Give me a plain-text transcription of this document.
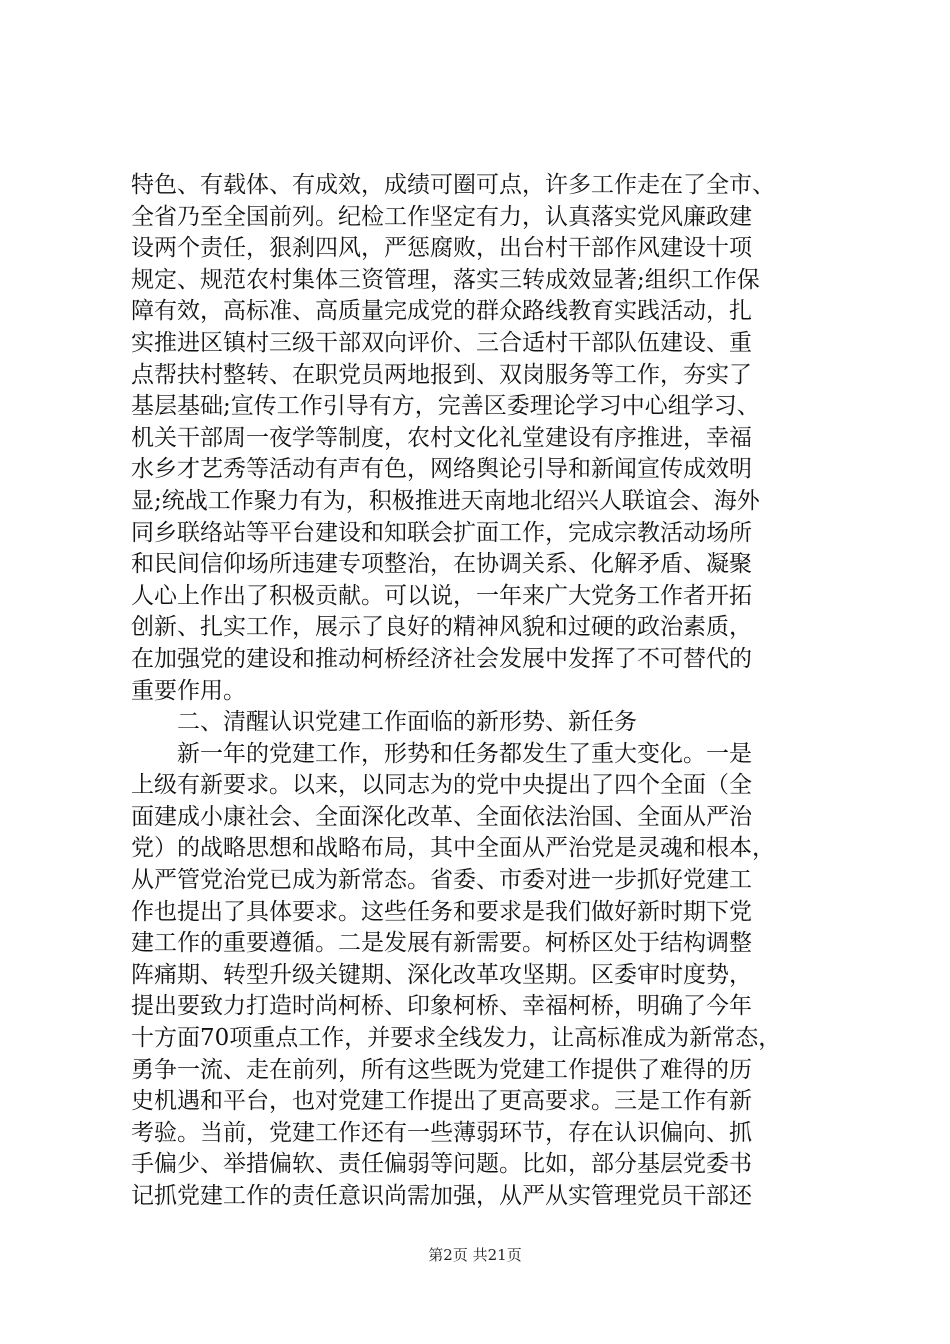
特色、有载体、有成效，成绩可圈可点，许多工作走在了全市、
全省乃至全国前列。纪检工作坚定有力，认真落实党风廉政建
设两个责任，狠刹四风，严惩腐败，出台村干部作风建设十项
规定、规范农村集体三资管理，落实三转成效显著;组织工作保
障有效，高标准、高质量完成党的群众路线教育实践活动，扎
实推进区镇村三级干部双向评价、三合适村干部队伍建设、重
点帮扶村整转、在职党员两地报到、双岗服务等工作，夯实了
基层基础;宣传工作引导有方，完善区委理论学习中心组学习、
机关干部周一夜学等制度，农村文化礼堂建设有序推进，幸福
水乡才艺秀等活动有声有色，网络舆论引导和新闻宣传成效明
显;统战工作聚力有为，积极推进天南地北绍兴人联谊会、海外
同乡联络站等平台建设和知联会扩面工作，完成宗教活动场所
和民间信仰场所违建专项整治，在协调关系、化解矛盾、凝聚
人心上作出了积极贡献。可以说，一年来广大党务工作者开拓
创新、扎实工作，展示了良好的精神风貌和过硬的政治素质，
在加强党的建设和推动柯桥经济社会发展中发挥了不可替代的
重要作用。
二、清醒认识党建工作面临的新形势、新任务
新一年的党建工作，形势和任务都发生了重大变化。一是
上级有新要求。以来，以同志为的党中央提出了四个全面（全
面建成小康社会、全面深化改革、全面依法治国、全面从严治
党）的战略思想和战略布局，其中全面从严治党是灵魂和根本，
从严管党治党已成为新常态。省委、市委对进一步抓好党建工
作也提出了具体要求。这些任务和要求是我们做好新时期下党
建工作的重要遵循。二是发展有新需要。柯桥区处于结构调整
阵痛期、转型升级关键期、深化改革攻坚期。区委审时度势，
提出要致力打造时尚柯桥、印象柯桥、幸福柯桥，明确了今年
十方面70项重点工作，并要求全线发力，让高标准成为新常态，
勇争一流、走在前列，所有这些既为党建工作提供了难得的历
史机遇和平台，也对党建工作提出了更高要求。三是工作有新
考验。当前，党建工作还有一些薄弱环节，存在认识偏向、抓
手偏少、举措偏软、责任偏弱等问题。比如，部分基层党委书
记抓党建工作的责任意识尚需加强，从严从实管理党员干部还
第2页 共21页
